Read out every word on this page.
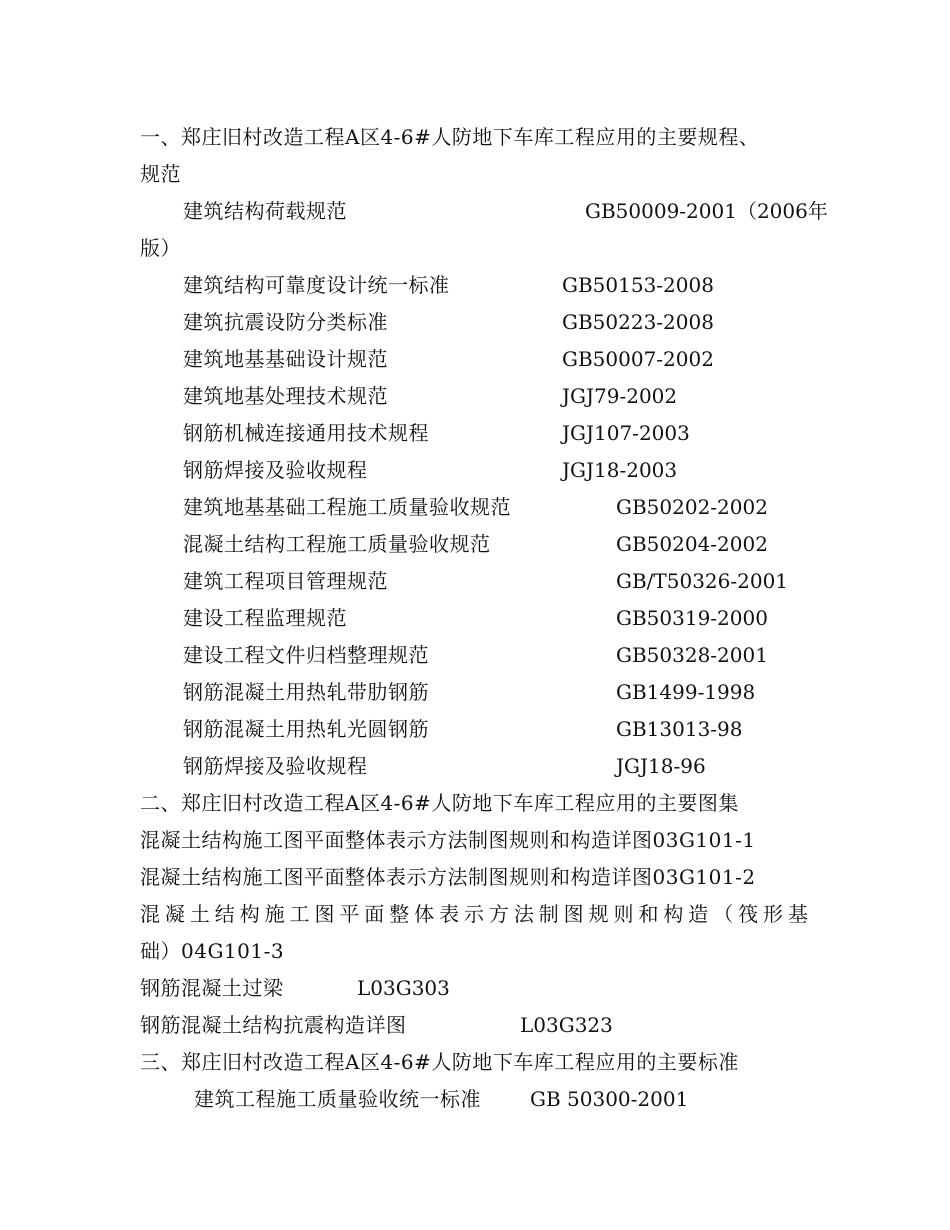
一、郑庄旧村改造工程A区4-6#人防地下车库工程应用的主要规程、
规范
建筑结构荷载规范	GB50009-2001（2006年
版）
建筑结构可靠度设计统一标准	GB50153-2008
建筑抗震设防分类标准	GB50223-2008
建筑地基基础设计规范	GB50007-2002
建筑地基处理技术规范	JGJ79-2002
钢筋机械连接通用技术规程	JGJ107-2003
钢筋焊接及验收规程	JGJ18-2003
建筑地基基础工程施工质量验收规范	GB50202-2002
混凝土结构工程施工质量验收规范	GB50204-2002
建筑工程项目管理规范	GB/T50326-2001
建设工程监理规范	GB50319-2000
建设工程文件归档整理规范	GB50328-2001
钢筋混凝土用热轧带肋钢筋	GB1499-1998
钢筋混凝土用热轧光圆钢筋	GB13013-98
钢筋焊接及验收规程	JGJ18-96
二、郑庄旧村改造工程A区4-6#人防地下车库工程应用的主要图集
混凝土结构施工图平面整体表示方法制图规则和构造详图03G101-1
混凝土结构施工图平面整体表示方法制图规则和构造详图03G101-2
混 凝 土 结 构 施 工 图 平 面 整 体 表 示 方 法 制 图 规 则 和 构 造 （ 筏 形 基
础）04G101-3
钢筋混凝土过梁	L03G303
钢筋混凝土结构抗震构造详图	L03G323
三、郑庄旧村改造工程A区4-6#人防地下车库工程应用的主要标准
建筑工程施工质量验收统一标准 GB 50300-2001
